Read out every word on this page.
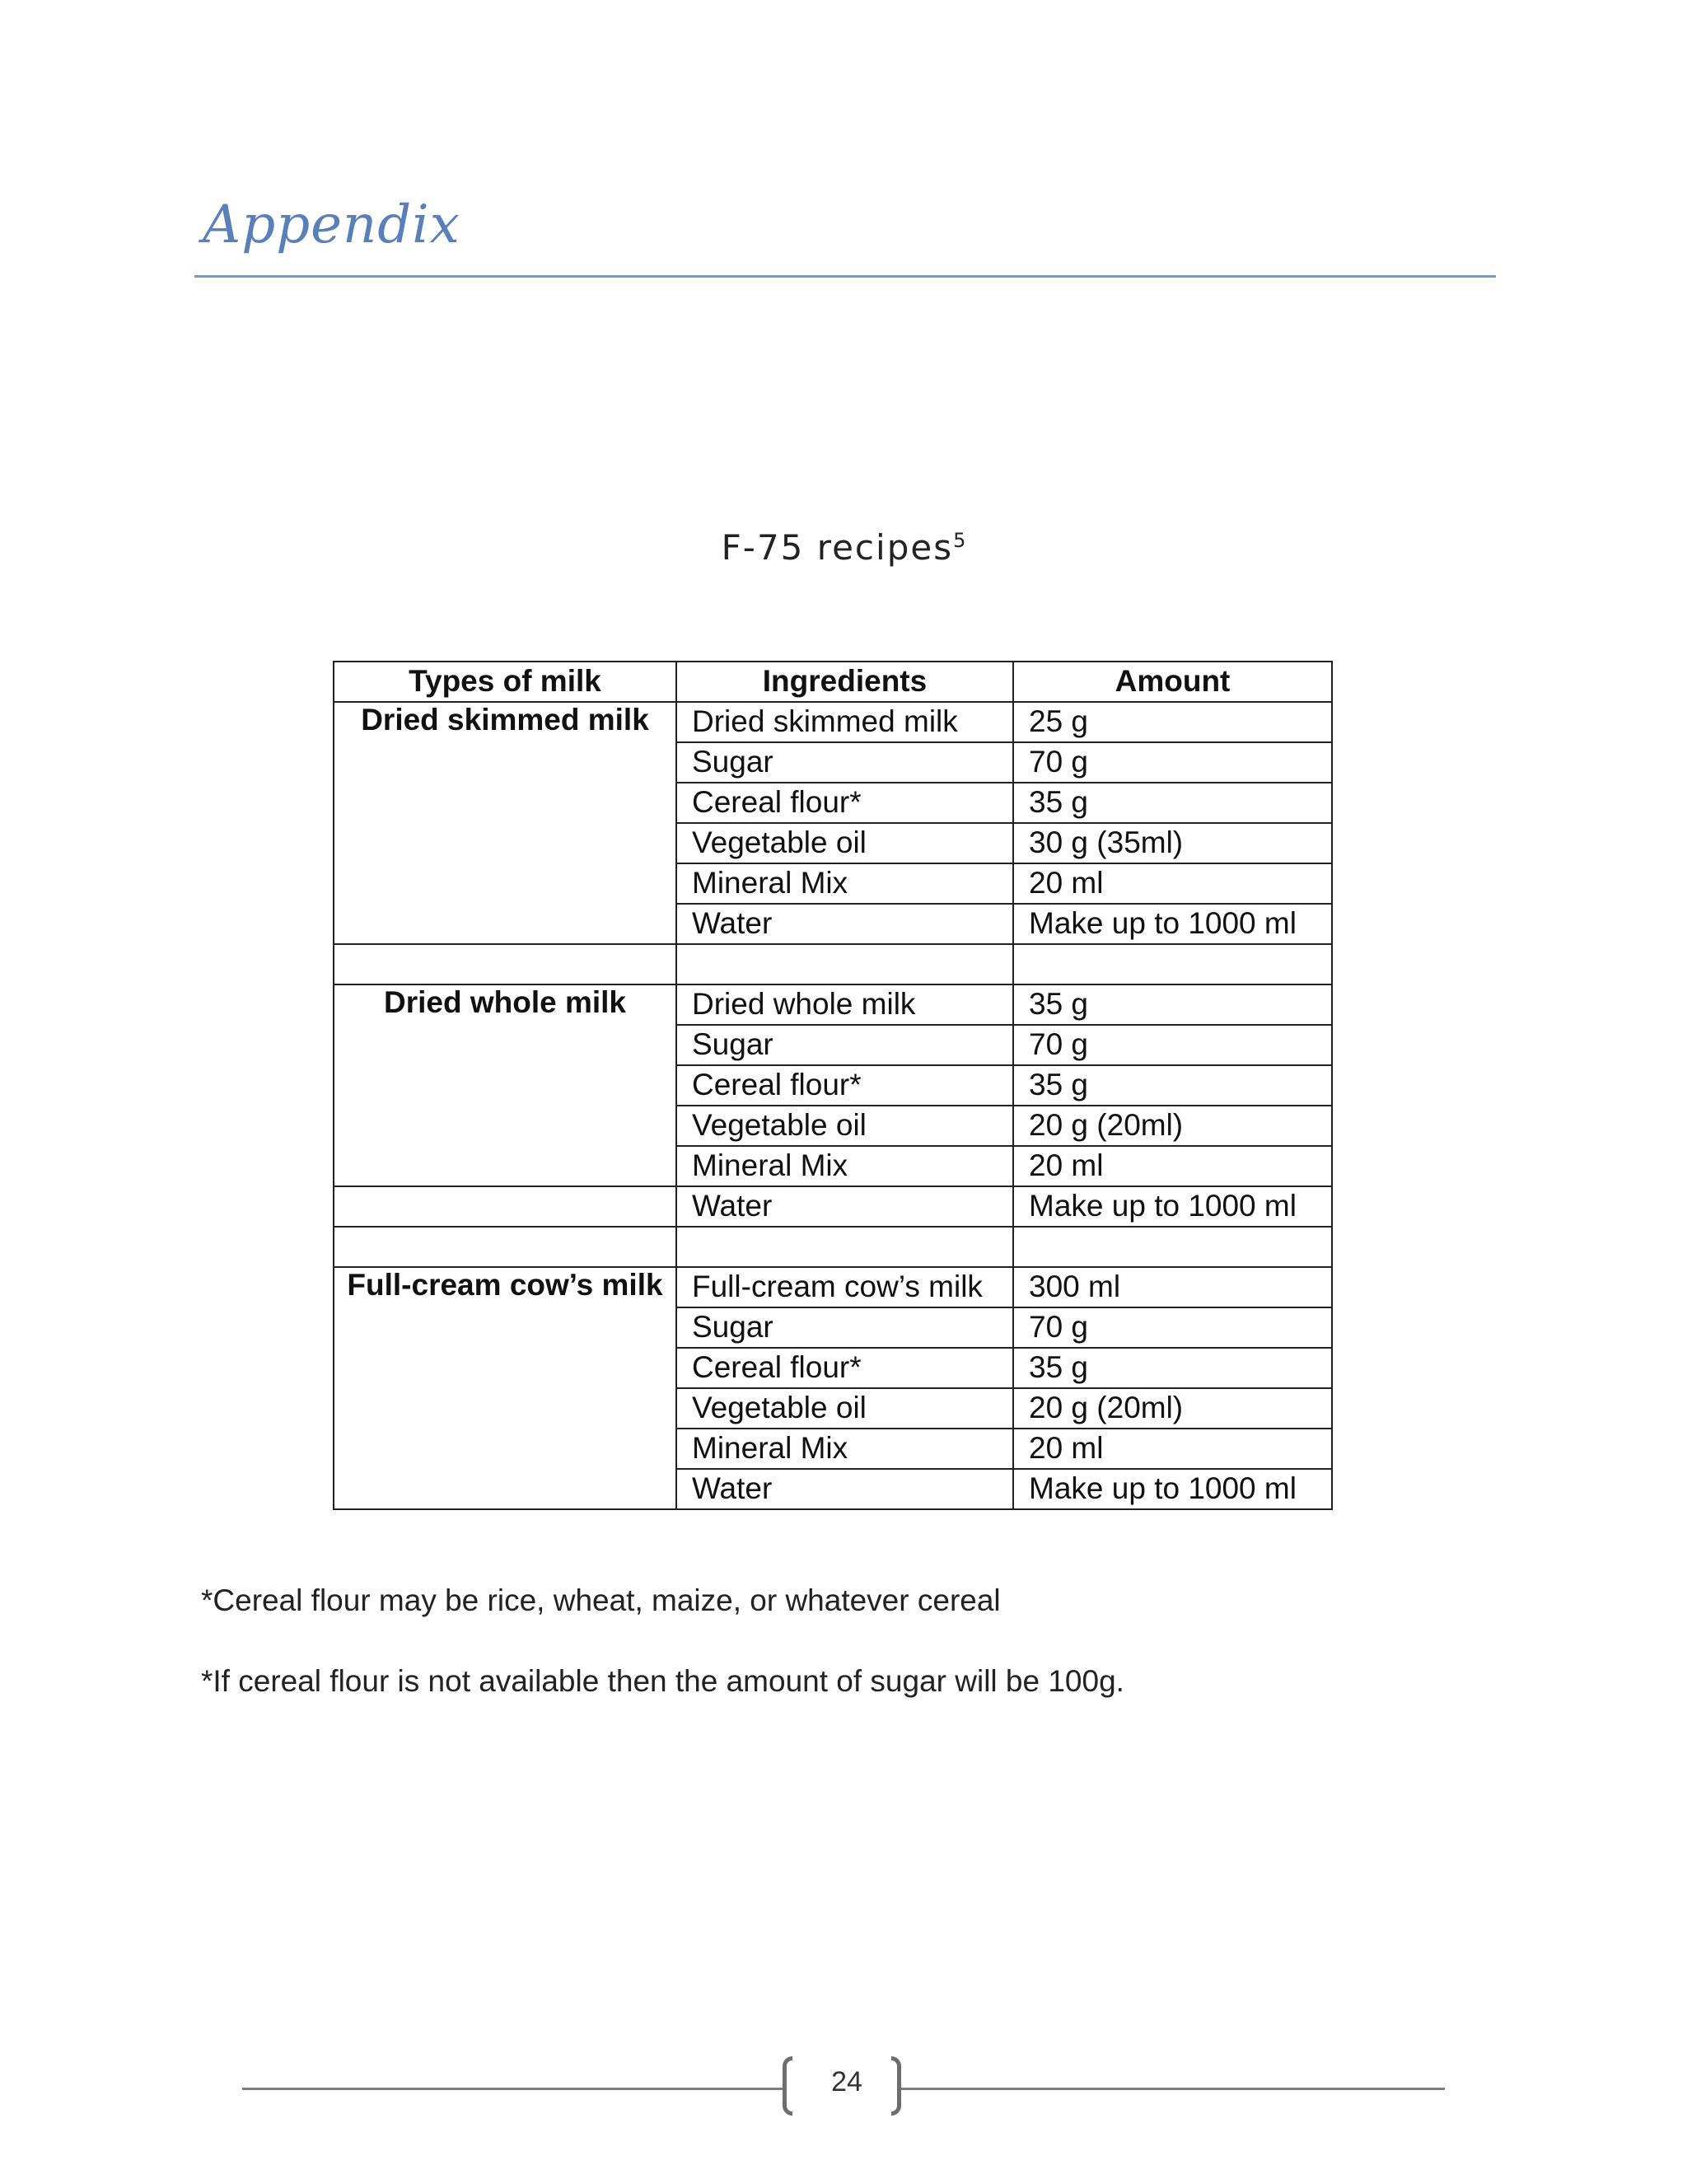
Appendix
F-75 recipes$^5$
Types of milk	Ingredients	Amount
Dried skimmed milk	Dried skimmed milk	25 g
	Sugar	70 g
	Cereal flour*	35 g
	Vegetable oil	30 g (35ml)
	Mineral Mix	20 ml
	Water	Make up to 1000 ml

Dried whole milk	Dried whole milk	35 g
	Sugar	70 g
	Cereal flour*	35 g
	Vegetable oil	20 g (20ml)
	Mineral Mix	20 ml
	Water	Make up to 1000 ml

Full-cream cow’s milk	Full-cream cow’s milk	300 ml
	Sugar	70 g
	Cereal flour*	35 g
	Vegetable oil	20 g (20ml)
	Mineral Mix	20 ml
	Water	Make up to 1000 ml
*Cereal flour may be rice, wheat, maize, or whatever cereal
*If cereal flour is not available then the amount of sugar will be 100g.
24
